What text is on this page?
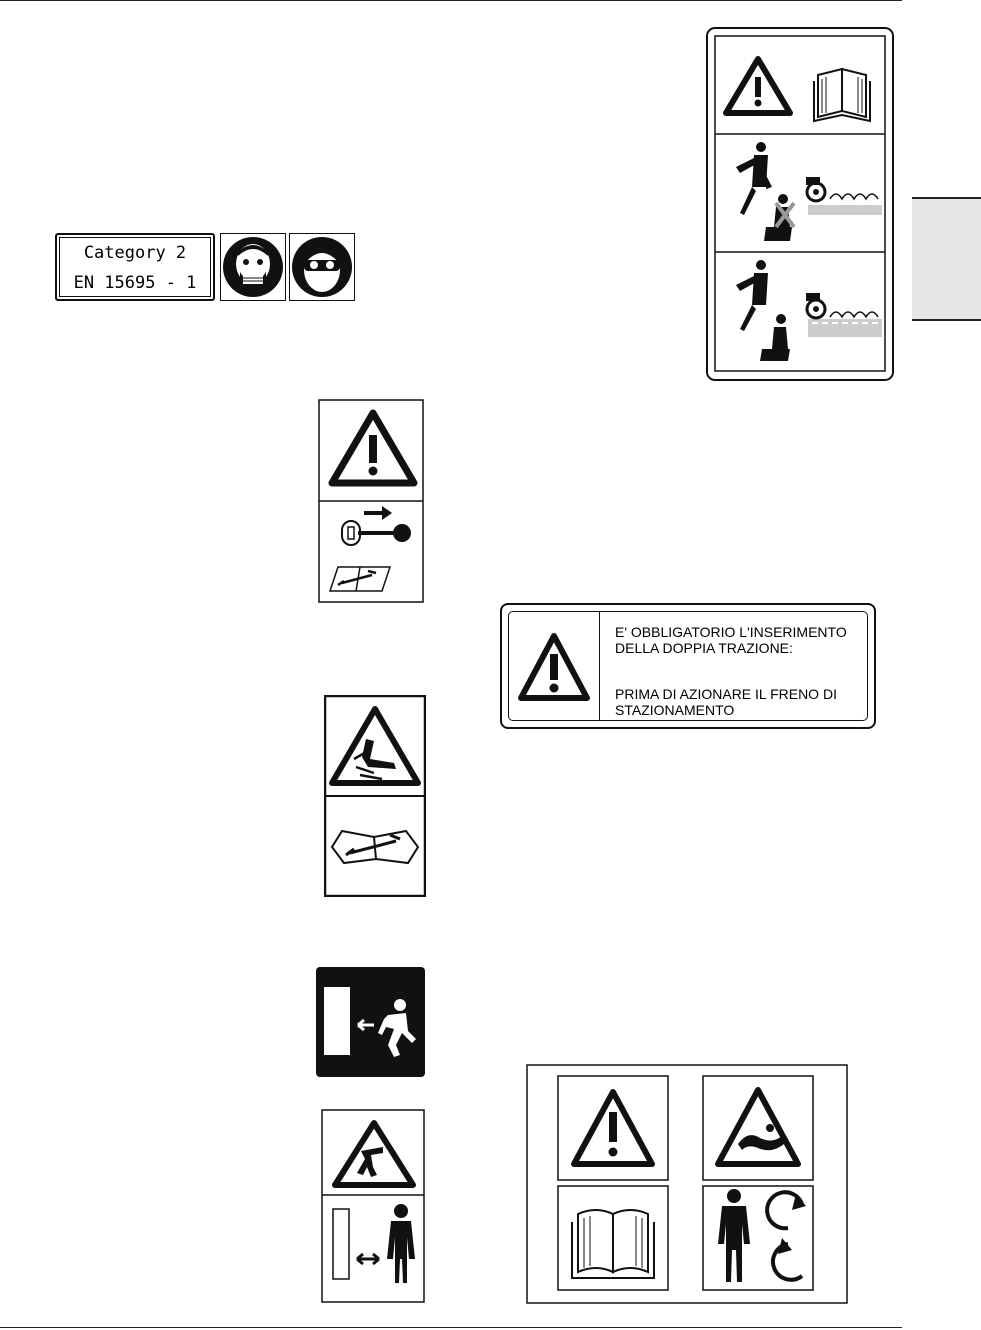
Category 2
EN 15695 - 1
E' OBBLIGATORIO L'INSERIMENTO
DELLA DOPPIA TRAZIONE:
PRIMA DI AZIONARE IL FRENO DI
STAZIONAMENTO
